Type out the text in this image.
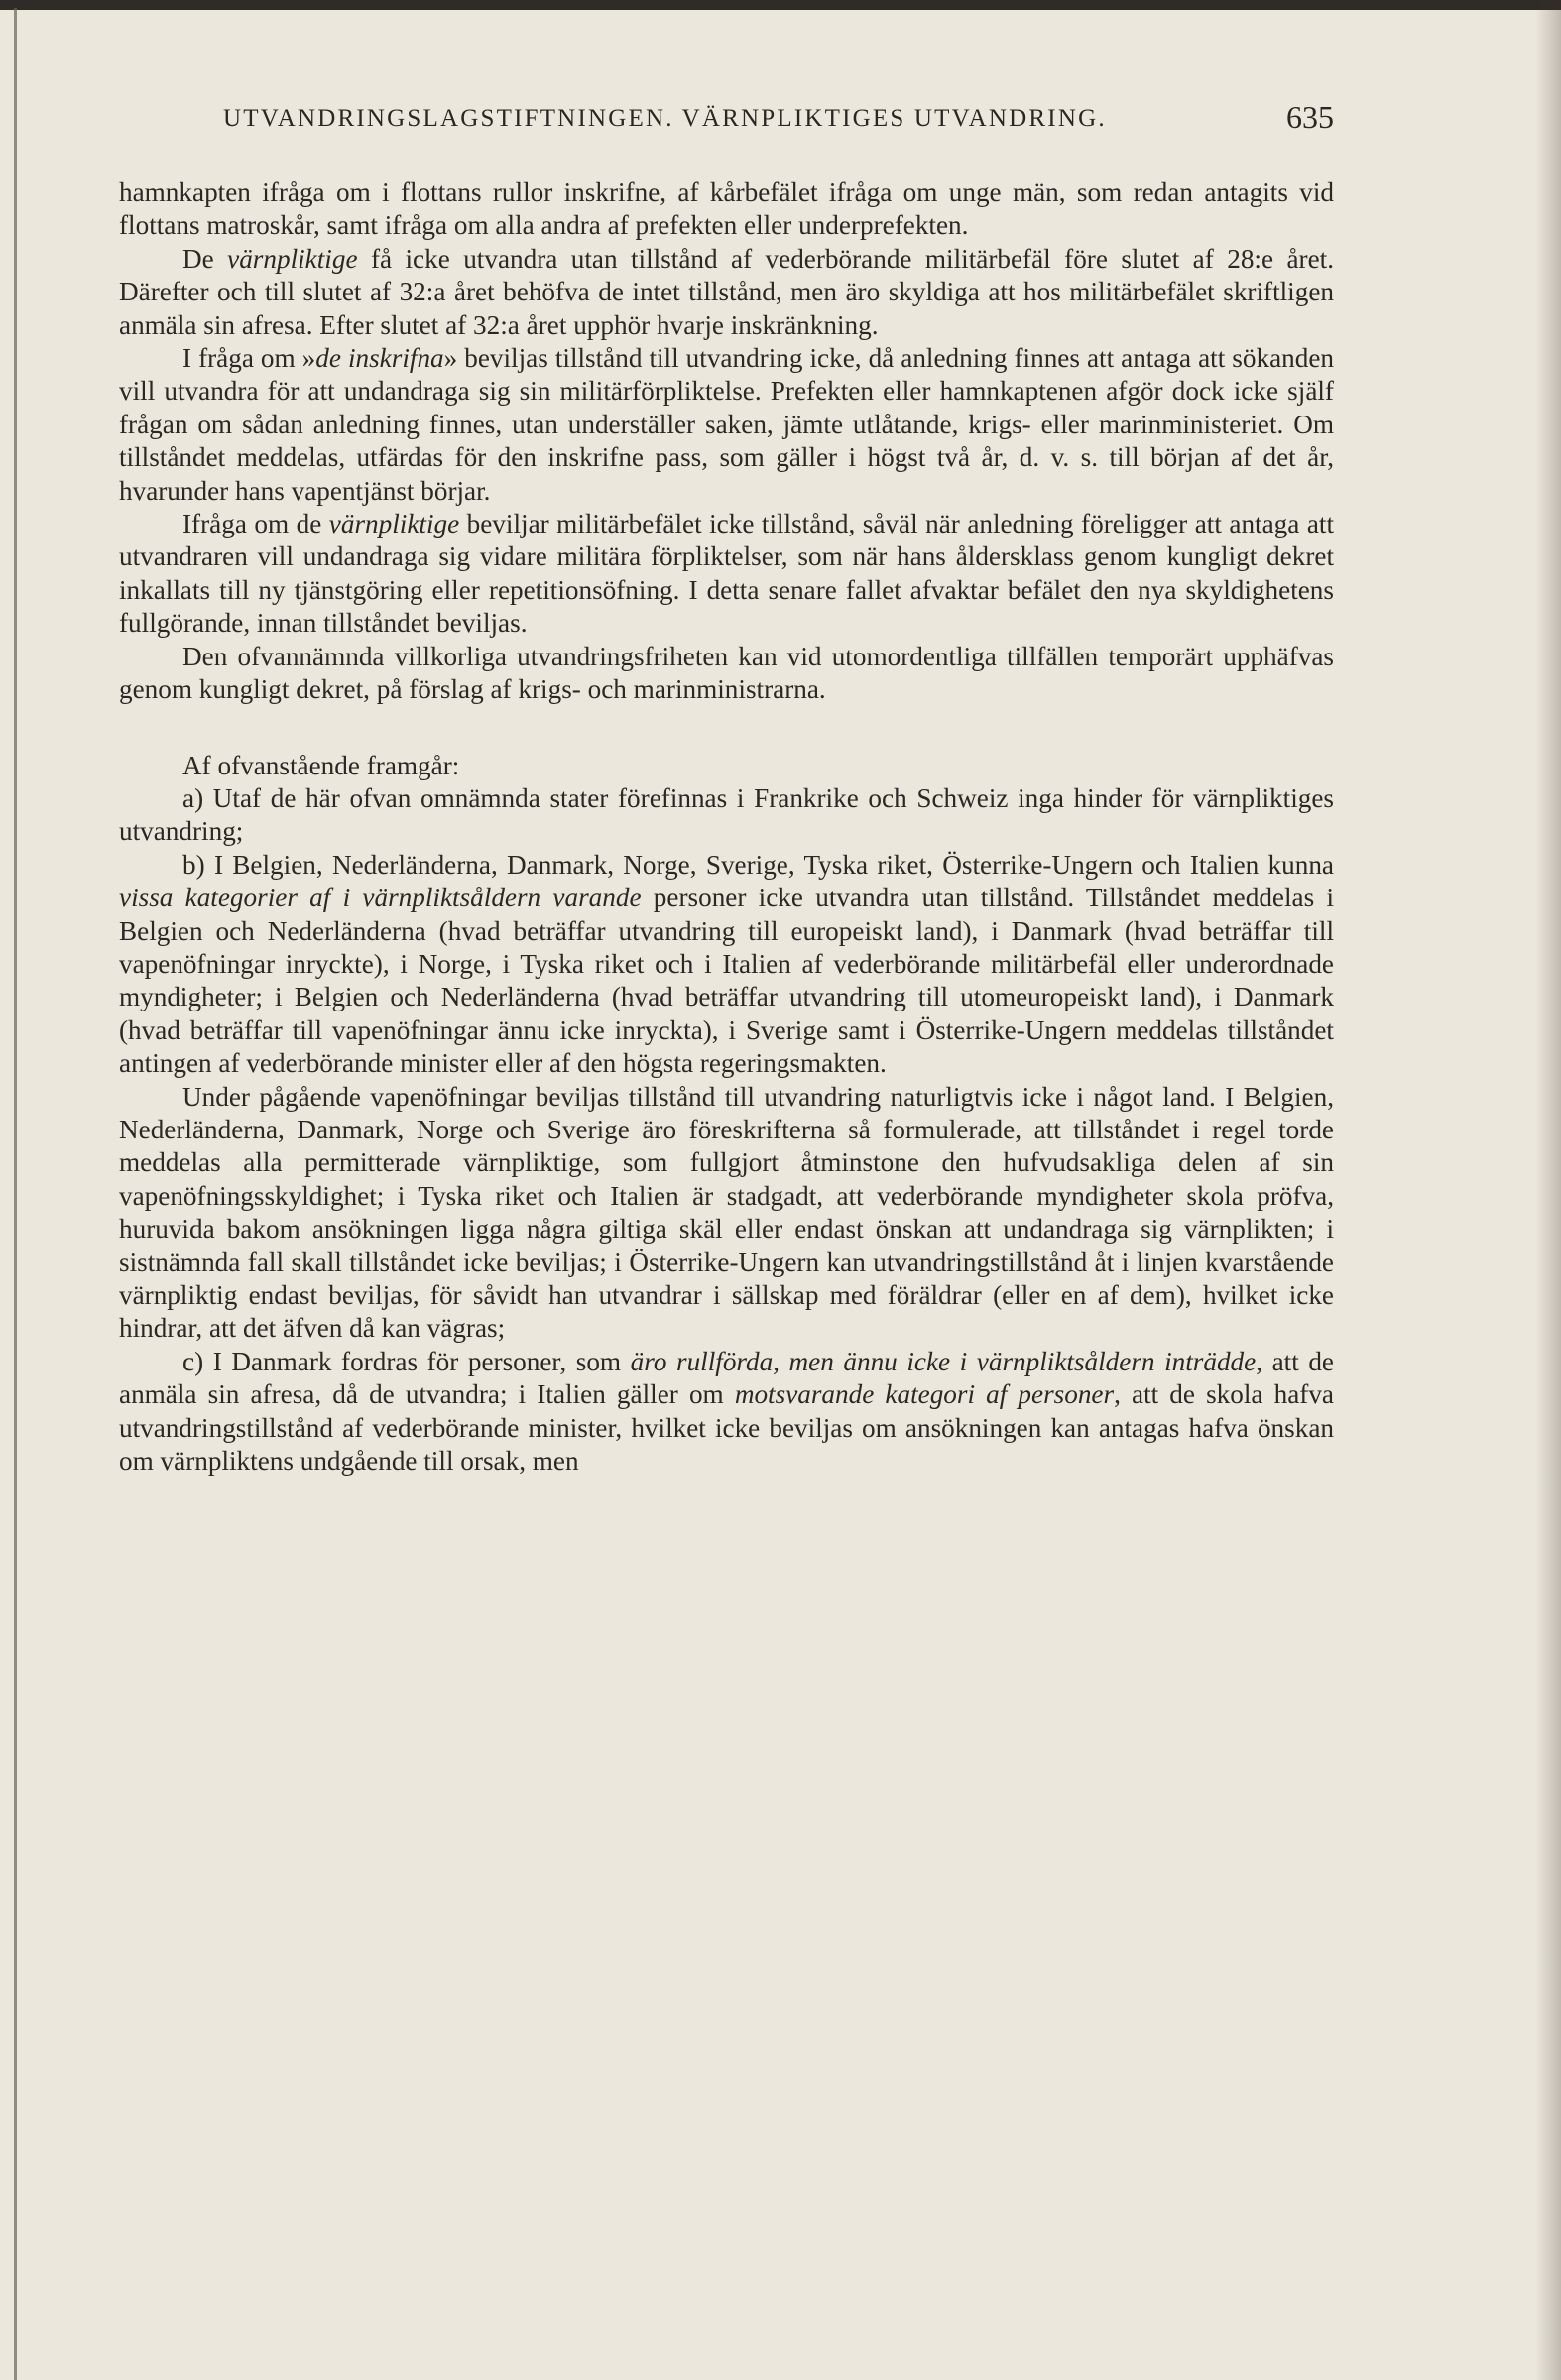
UTVANDRINGSLAGSTIFTNINGEN. VÄRNPLIKTIGES UTVANDRING.	635

hamnkapten ifråga om i flottans rullor inskrifne, af kårbefälet ifråga om unge män, som redan antagits vid flottans matroskår, samt ifråga om alla andra af prefekten eller underprefekten.

De värnpliktige få icke utvandra utan tillstånd af vederbörande militärbefäl före slutet af 28:e året. Därefter och till slutet af 32:a året behöfva de intet tillstånd, men äro skyldiga att hos militärbefälet skriftligen anmäla sin afresa. Efter slutet af 32:a året upphör hvarje inskränkning.

I fråga om »de inskrifna» beviljas tillstånd till utvandring icke, då anledning finnes att antaga att sökanden vill utvandra för att undandraga sig sin militärförpliktelse. Prefekten eller hamnkaptenen afgör dock icke själf frågan om sådan anledning finnes, utan underställer saken, jämte utlåtande, krigs- eller marinministeriet. Om tillståndet meddelas, utfärdas för den inskrifne pass, som gäller i högst två år, d. v. s. till början af det år, hvarunder hans vapentjänst börjar.

Ifråga om de värnpliktige beviljar militärbefälet icke tillstånd, såväl när anledning föreligger att antaga att utvandraren vill undandraga sig vidare militära förpliktelser, som när hans åldersklass genom kungligt dekret inkallats till ny tjänstgöring eller repetitionsöfning. I detta senare fallet afvaktar befälet den nya skyldighetens fullgörande, innan tillståndet beviljas.

Den ofvannämnda villkorliga utvandringsfriheten kan vid utomordentliga tillfällen temporärt upphäfvas genom kungligt dekret, på förslag af krigs- och marinministrarna.

Af ofvanstående framgår:

a) Utaf de här ofvan omnämnda stater förefinnas i Frankrike och Schweiz inga hinder för värnpliktiges utvandring;

b) I Belgien, Nederländerna, Danmark, Norge, Sverige, Tyska riket, Österrike-Ungern och Italien kunna vissa kategorier af i värnpliktsåldern varande personer icke utvandra utan tillstånd. Tillståndet meddelas i Belgien och Nederländerna (hvad beträffar utvandring till europeiskt land), i Danmark (hvad beträffar till vapenöfningar inryckte), i Norge, i Tyska riket och i Italien af vederbörande militärbefäl eller underordnade myndigheter; i Belgien och Nederländerna (hvad beträffar utvandring till utomeuropeiskt land), i Danmark (hvad beträffar till vapenöfningar ännu icke inryckta), i Sverige samt i Österrike-Ungern meddelas tillståndet antingen af vederbörande minister eller af den högsta regeringsmakten.

Under pågående vapenöfningar beviljas tillstånd till utvandring naturligtvis icke i något land. I Belgien, Nederländerna, Danmark, Norge och Sverige äro föreskrifterna så formulerade, att tillståndet i regel torde meddelas alla permitterade värnpliktige, som fullgjort åtminstone den hufvudsakliga delen af sin vapenöfningsskyldighet; i Tyska riket och Italien är stadgadt, att vederbörande myndigheter skola pröfva, huruvida bakom ansökningen ligga några giltiga skäl eller endast önskan att undandraga sig värnplikten; i sistnämnda fall skall tillståndet icke beviljas; i Österrike-Ungern kan utvandringstillstånd åt i linjen kvarstående värnpliktig endast beviljas, för såvidt han utvandrar i sällskap med föräldrar (eller en af dem), hvilket icke hindrar, att det äfven då kan vägras;

c) I Danmark fordras för personer, som äro rullförda, men ännu icke i värnpliktsåldern inträdde, att de anmäla sin afresa, då de utvandra; i Italien gäller om motsvarande kategori af personer, att de skola hafva utvandringstillstånd af vederbörande minister, hvilket icke beviljas om ansökningen kan antagas hafva önskan om värnpliktens undgående till orsak, men
